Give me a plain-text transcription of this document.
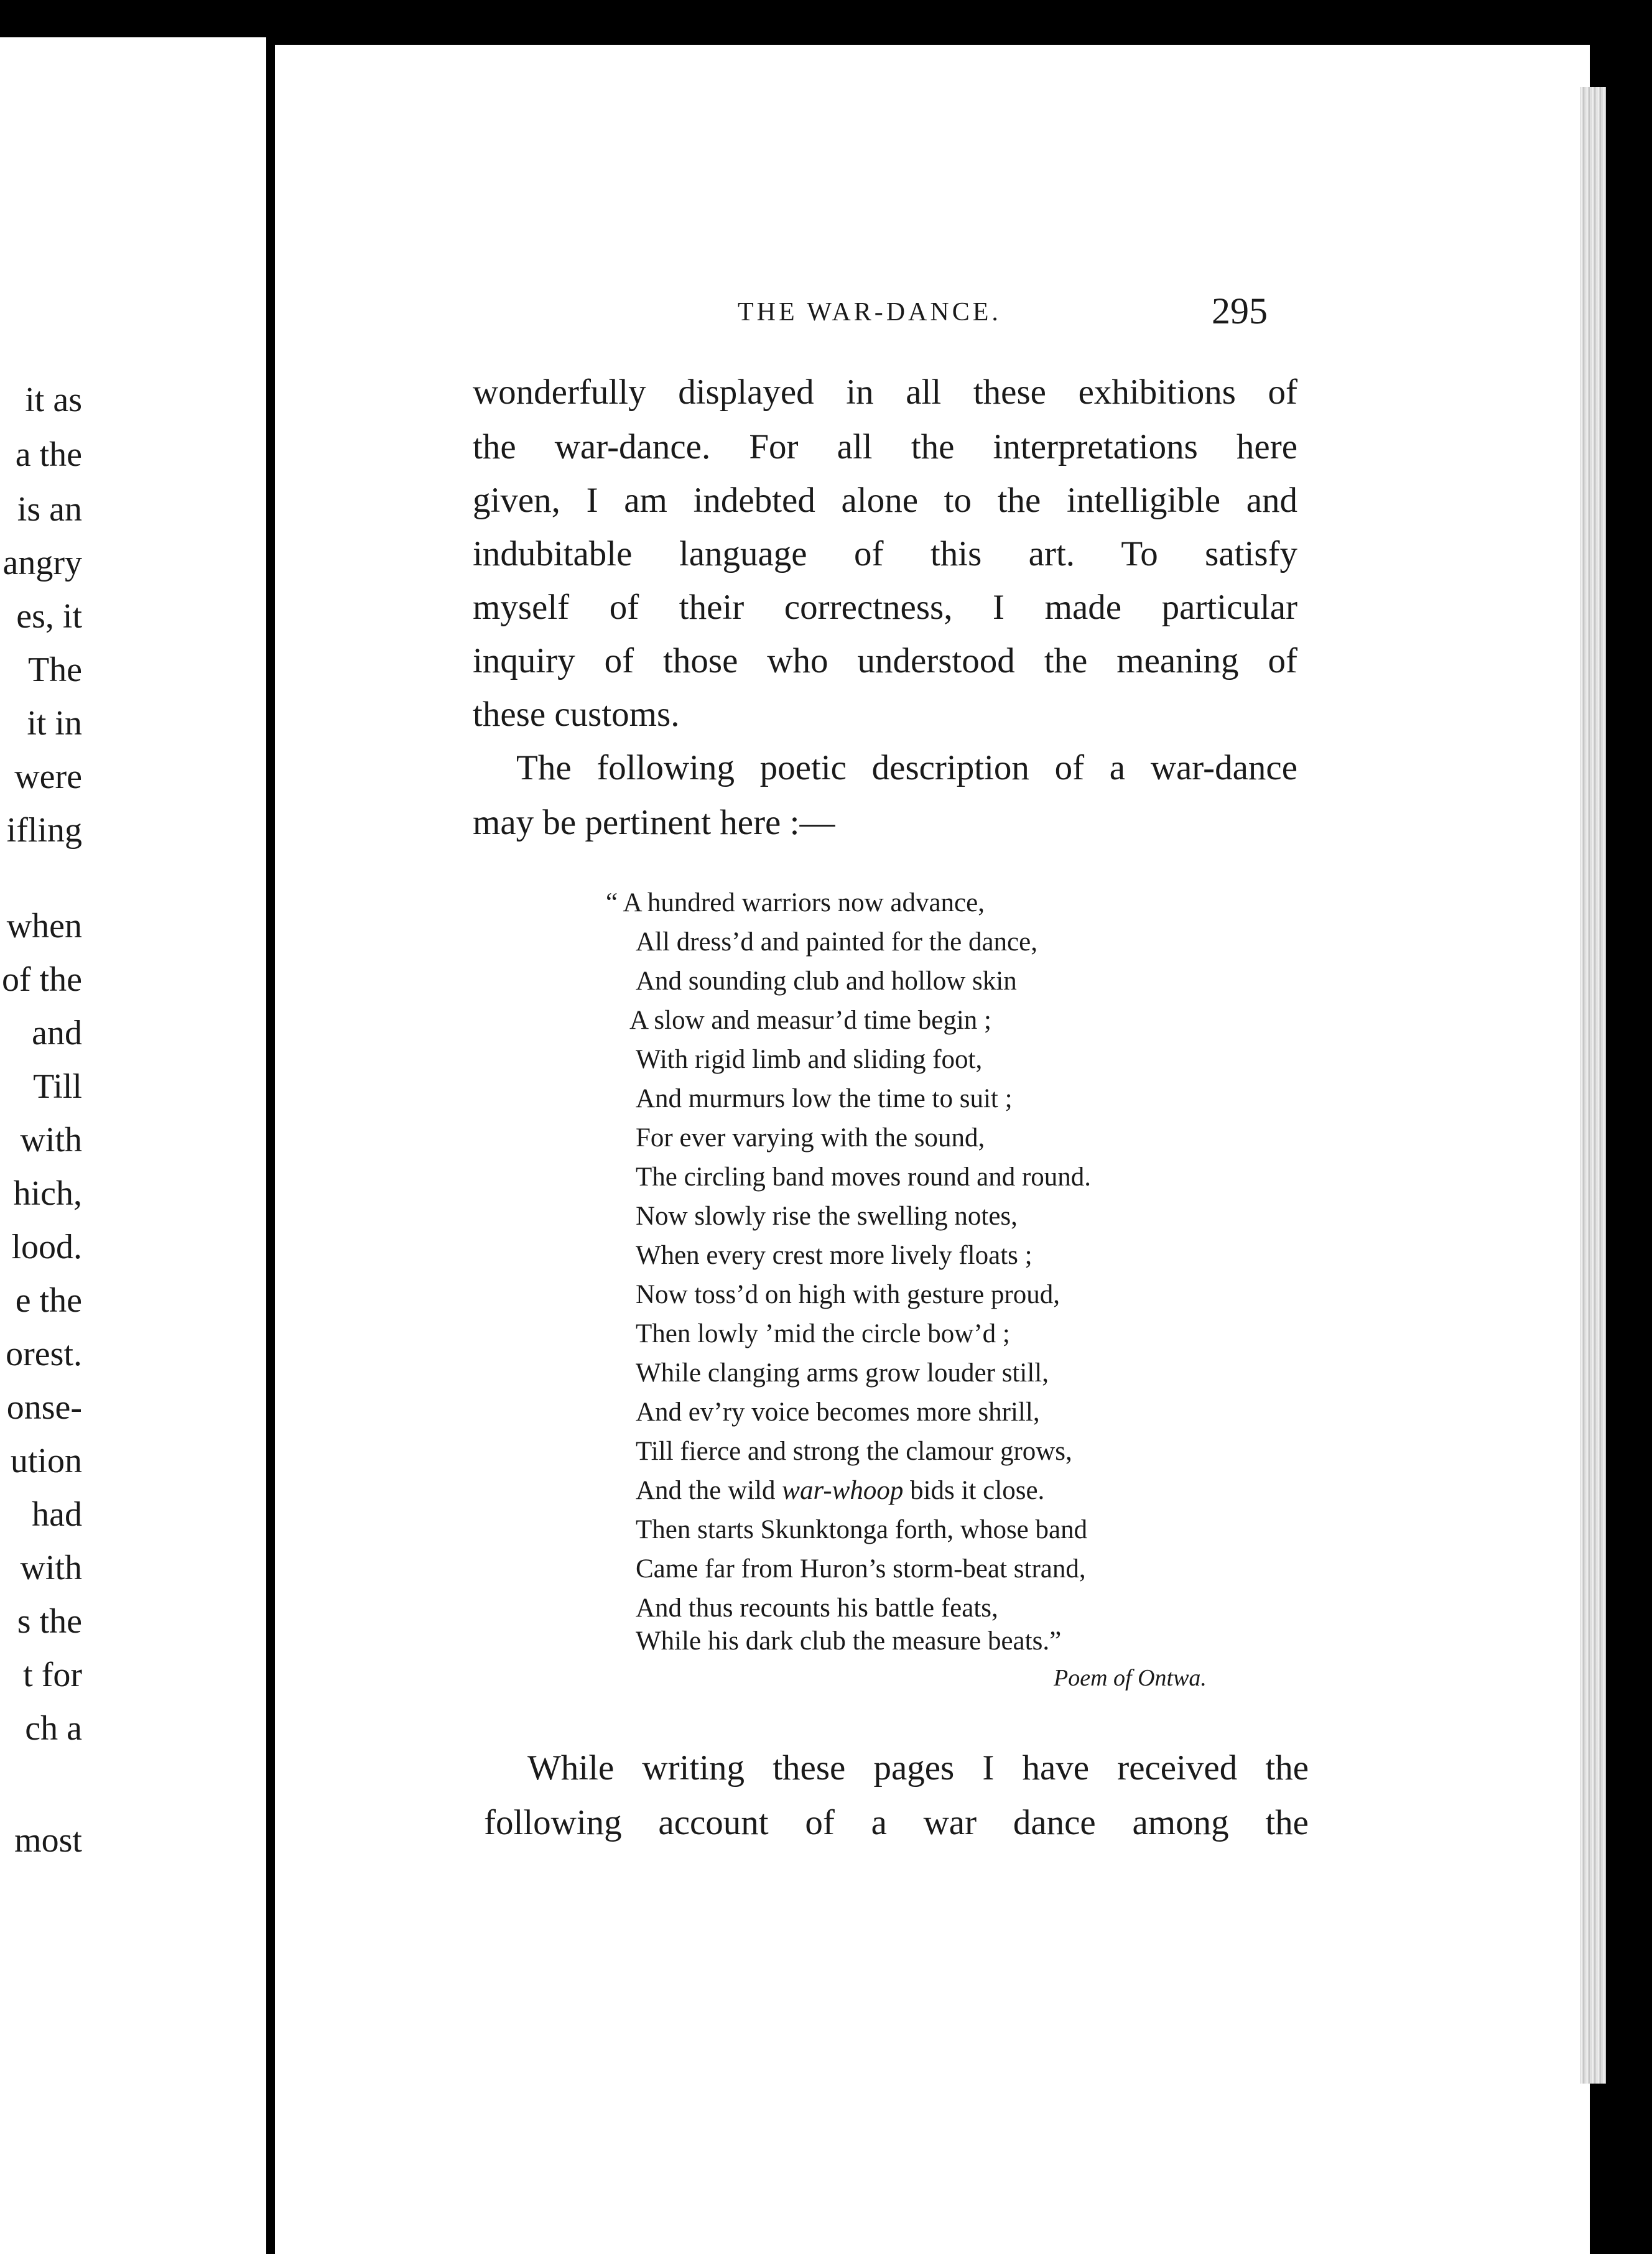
it as
a the
is an
angry
es, it
The
it in
were
ifling
when
of the
and
Till
with
hich,
lood.
e the
orest.
onse-
ution
had
with
s the
t for
ch a
most
THE WAR-DANCE.	295
wonderfully displayed in all these exhibitions of
the war-dance. For all the interpretations here
given, I am indebted alone to the intelligible and
indubitable language of this art. To satisfy
myself of their correctness, I made particular
inquiry of those who understood the meaning of
these customs.
The following poetic description of a war-dance
may be pertinent here :—
“ A hundred warriors now advance,
All dress’d and painted for the dance,
And sounding club and hollow skin
A slow and measur’d time begin ;
With rigid limb and sliding foot,
And murmurs low the time to suit ;
For ever varying with the sound,
The circling band moves round and round.
Now slowly rise the swelling notes,
When every crest more lively floats ;
Now toss’d on high with gesture proud,
Then lowly ’mid the circle bow’d ;
While clanging arms grow louder still,
And ev’ry voice becomes more shrill,
Till fierce and strong the clamour grows,
And the wild war-whoop bids it close.
Then starts Skunktonga forth, whose band
Came far from Huron’s storm-beat strand,
And thus recounts his battle feats,
While his dark club the measure beats.”
Poem of Ontwa.
While writing these pages I have received the
following account of a war dance among the
